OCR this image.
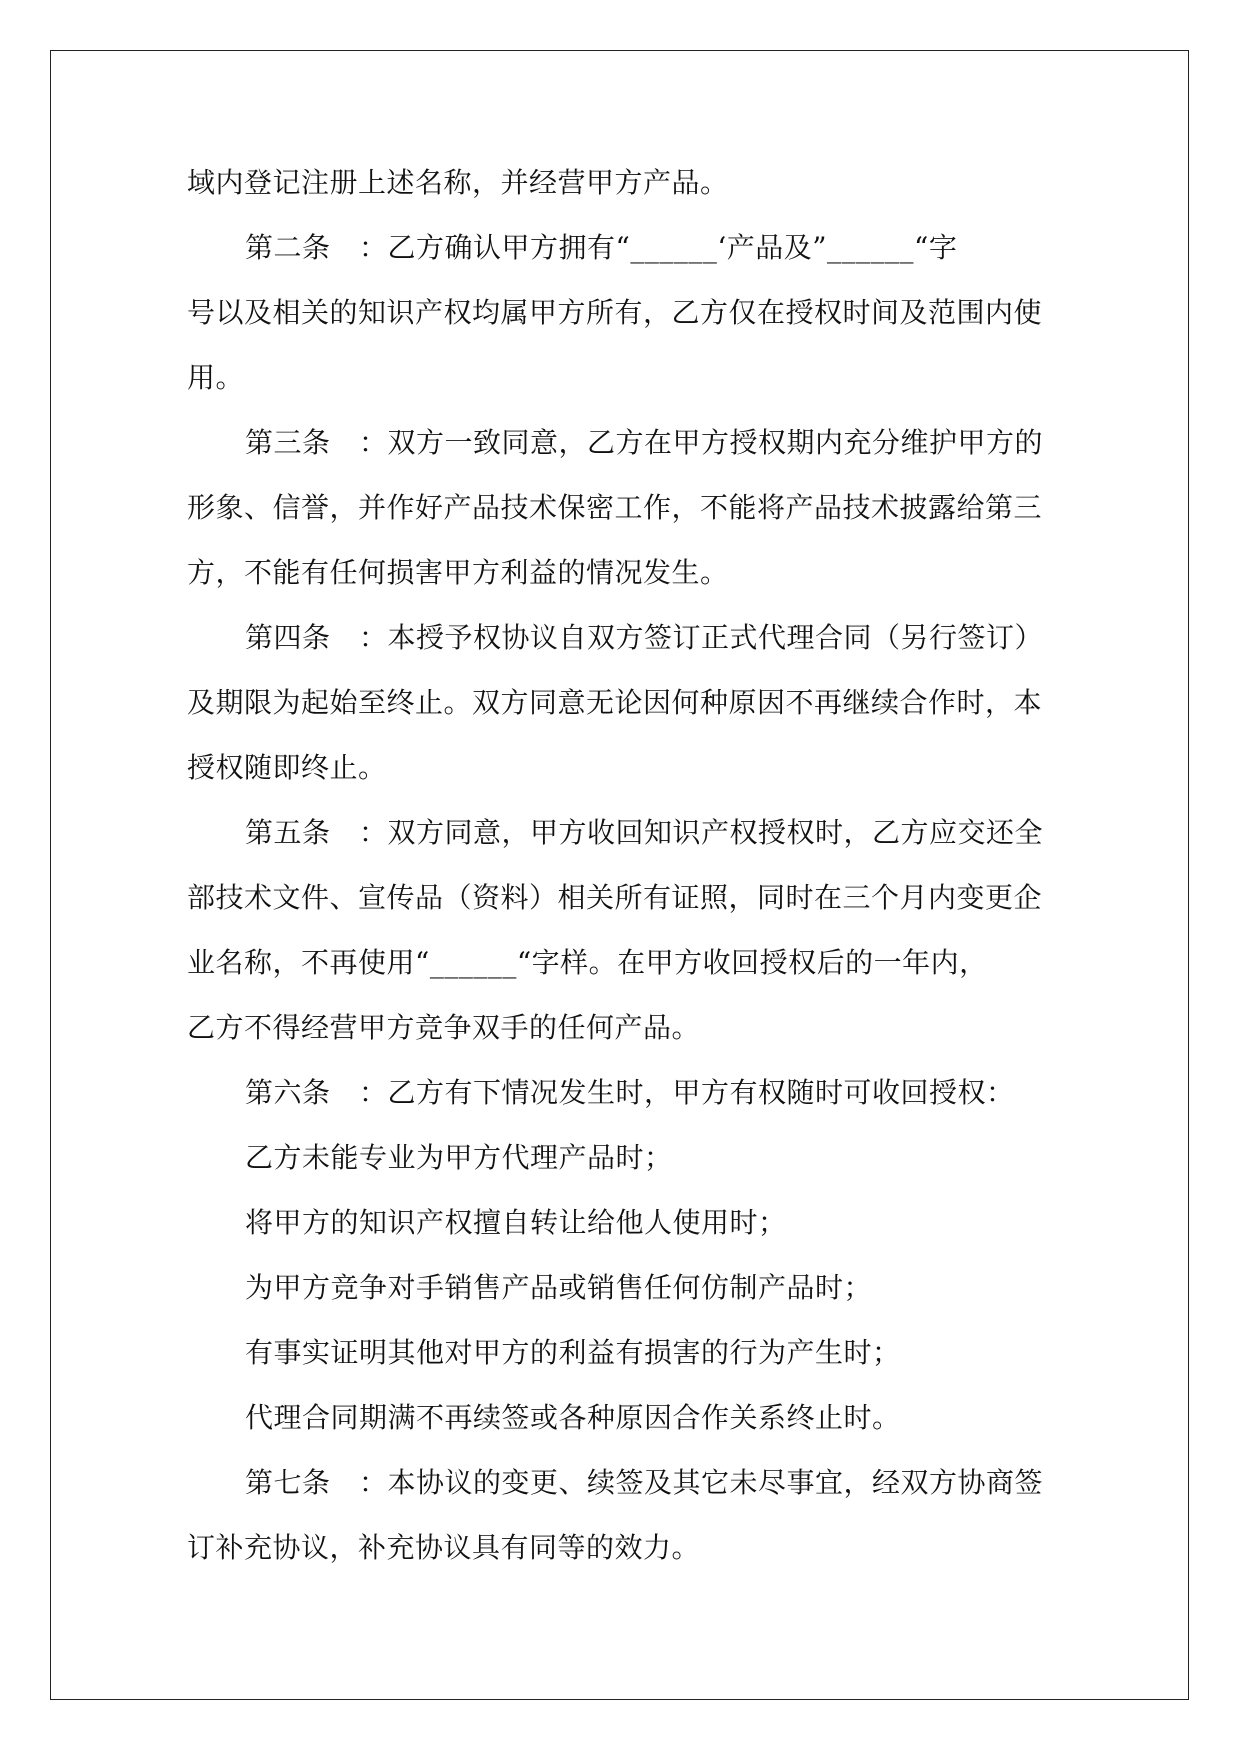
域内登记注册上述名称，并经营甲方产品。
第二条　：乙方确认甲方拥有“______‘产品及”______“字
号以及相关的知识产权均属甲方所有，乙方仅在授权时间及范围内使
用。
第三条　：双方一致同意，乙方在甲方授权期内充分维护甲方的
形象、信誉，并作好产品技术保密工作，不能将产品技术披露给第三
方，不能有任何损害甲方利益的情况发生。
第四条　：本授予权协议自双方签订正式代理合同（另行签订）
及期限为起始至终止。双方同意无论因何种原因不再继续合作时，本
授权随即终止。
第五条　：双方同意，甲方收回知识产权授权时，乙方应交还全
部技术文件、宣传品（资料）相关所有证照，同时在三个月内变更企
业名称，不再使用“______“字样。在甲方收回授权后的一年内，
乙方不得经营甲方竞争双手的任何产品。
第六条　：乙方有下情况发生时，甲方有权随时可收回授权：
乙方未能专业为甲方代理产品时；
将甲方的知识产权擅自转让给他人使用时；
为甲方竞争对手销售产品或销售任何仿制产品时；
有事实证明其他对甲方的利益有损害的行为产生时；
代理合同期满不再续签或各种原因合作关系终止时。
第七条　：本协议的变更、续签及其它未尽事宜，经双方协商签
订补充协议，补充协议具有同等的效力。
